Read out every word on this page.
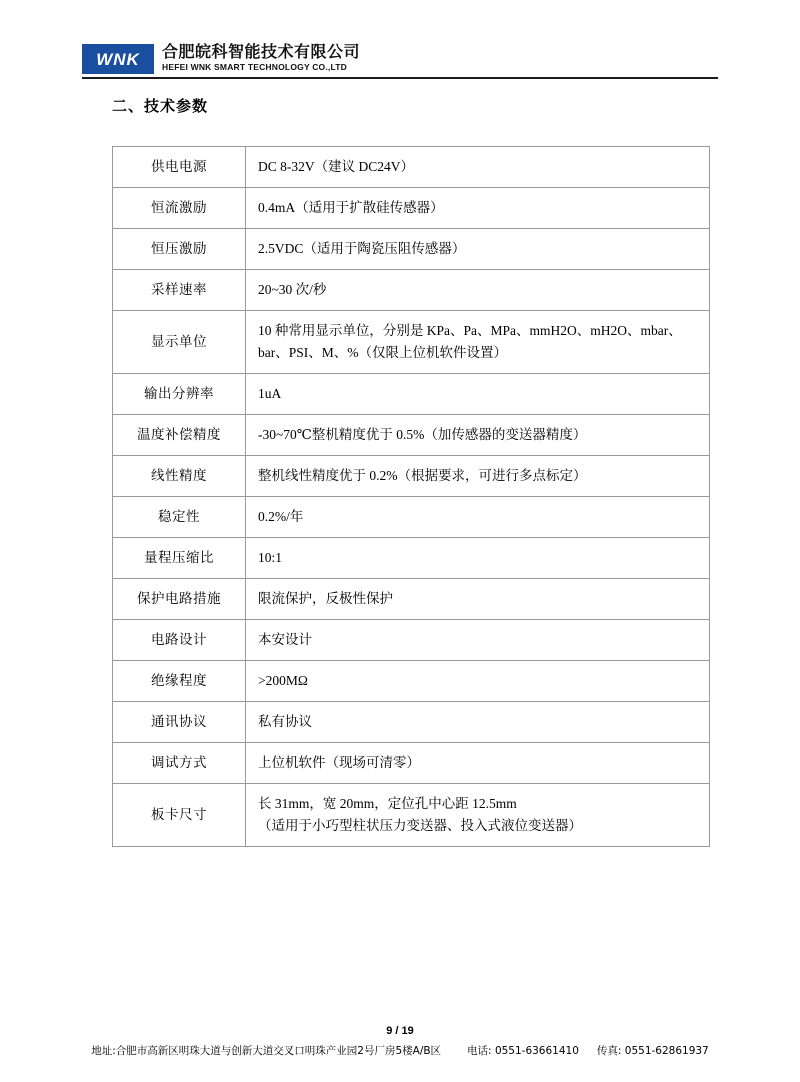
WNK 合肥皖科智能技术有限公司
HEFEI WNK SMART TECHNOLOGY CO.,LTD
二、技术参数
供电电源	DC 8-32V（建议 DC24V）

恒流激励	0.4mA（适用于扩散硅传感器）

恒压激励	2.5VDC（适用于陶瓷压阻传感器）

采样速率	20~30 次/秒

显示单位	10 种常用显示单位，分别是 KPa、Pa、MPa、mmH2O、mH2O、mbar、
bar、PSI、M、%（仅限上位机软件设置）

输出分辨率	1uA

温度补偿精度	-30~70℃整机精度优于 0.5%（加传感器的变送器精度）

线性精度	整机线性精度优于 0.2%（根据要求，可进行多点标定）

稳定性	0.2%/年

量程压缩比	10:1

保护电路措施	限流保护，反极性保护

电路设计	本安设计

绝缘程度	>200MΩ

通讯协议	私有协议

调试方式	上位机软件（现场可清零）

板卡尺寸	长 31mm，宽 20mm，定位孔中心距 12.5mm
（适用于小巧型柱状压力变送器、投入式液位变送器）
9 / 19
地址:合肥市高新区明珠大道与创新大道交叉口明珠产业园2号厂房5楼A/B区 电话: 0551-63661410 传真: 0551-62861937
